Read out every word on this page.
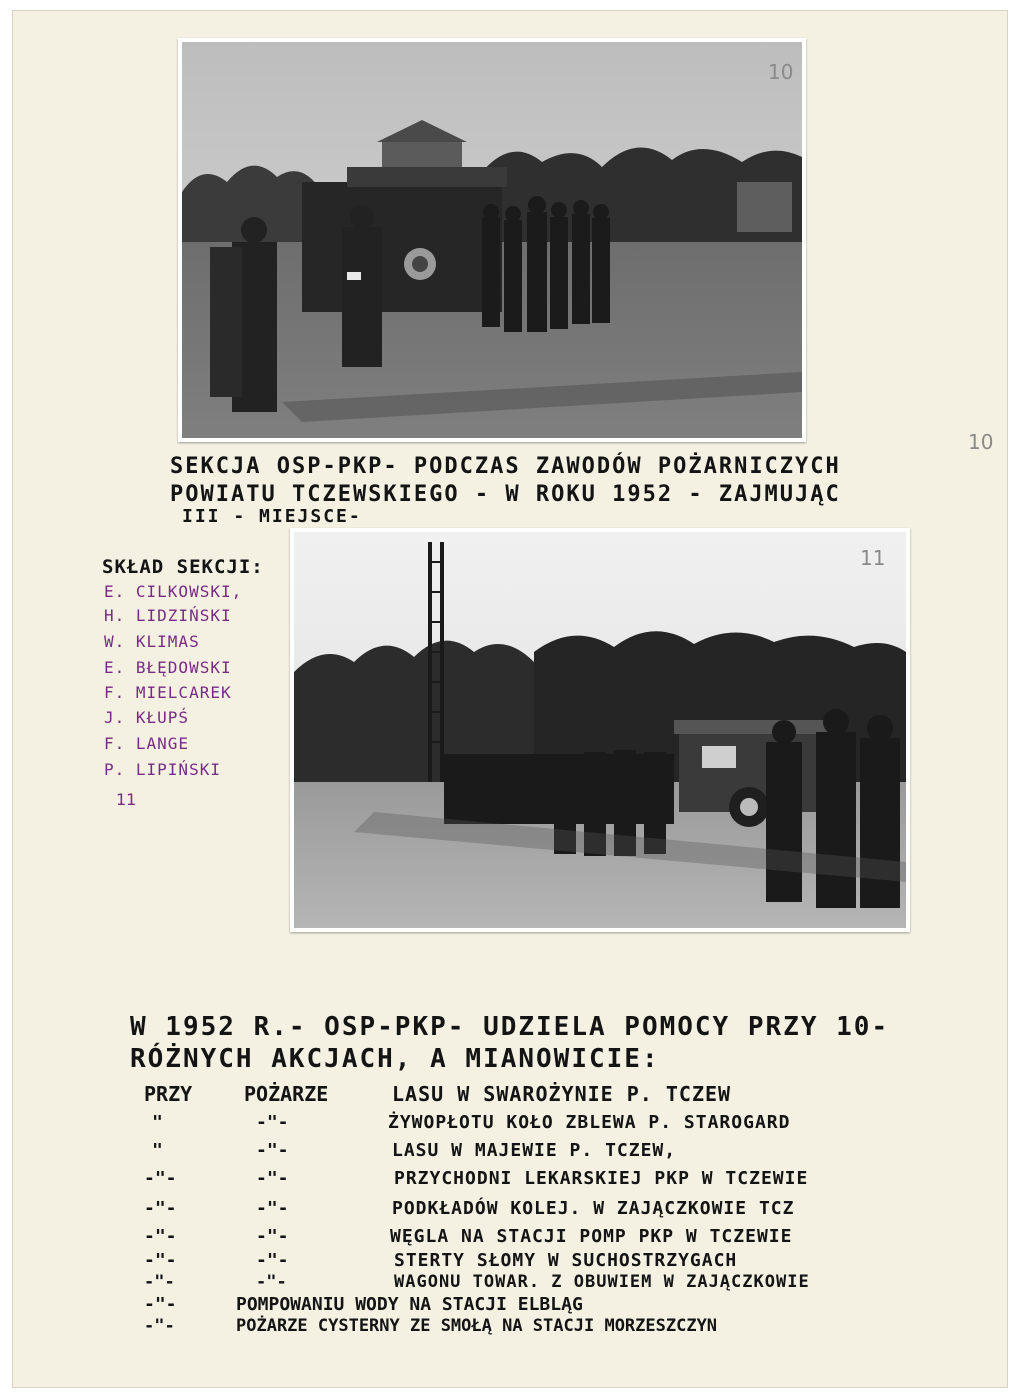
10
10
SEKCJA OSP-PKP- PODCZAS ZAWODÓW POŻARNICZYCH
POWIATU TCZEWSKIEGO - W ROKU 1952 - ZAJMUJĄC
III - MIEJSCE-
SKŁAD SEKCJI:
E. CILKOWSKI,
H. LIDZIŃSKI
W. KLIMAS
E. BŁĘDOWSKI
F. MIELCAREK
J. KŁUPŚ
F. LANGE
P. LIPIŃSKI
11
11
W 1952 R.- OSP-PKP- UDZIELA POMOCY PRZY 10-
RÓŻNYCH AKCJACH, A MIANOWICIE:
PRZY	POŻARZE	LASU W SWAROŻYNIE P. TCZEW
"	-"-	ŻYWOPŁOTU KOŁO ZBLEWA P. STAROGARD
"	-"-	LASU W MAJEWIE P. TCZEW,
-"-	-"-	PRZYCHODNI LEKARSKIEJ PKP W TCZEWIE
-"-	-"-	PODKŁADÓW KOLEJ. W ZAJĄCZKOWIE TCZ
-"-	-"-	WĘGLA NA STACJI POMP PKP W TCZEWIE
-"-	-"-	STERTY SŁOMY W SUCHOSTRZYGACH
-"-	-"-	WAGONU TOWAR. Z OBUWIEM W ZAJĄCZKOWIE
-"-	POMPOWANIU WODY NA STACJI ELBLĄG
-"-	POŻARZE CYSTERNY ZE SMOŁĄ NA STACJI MORZESZCZYN
